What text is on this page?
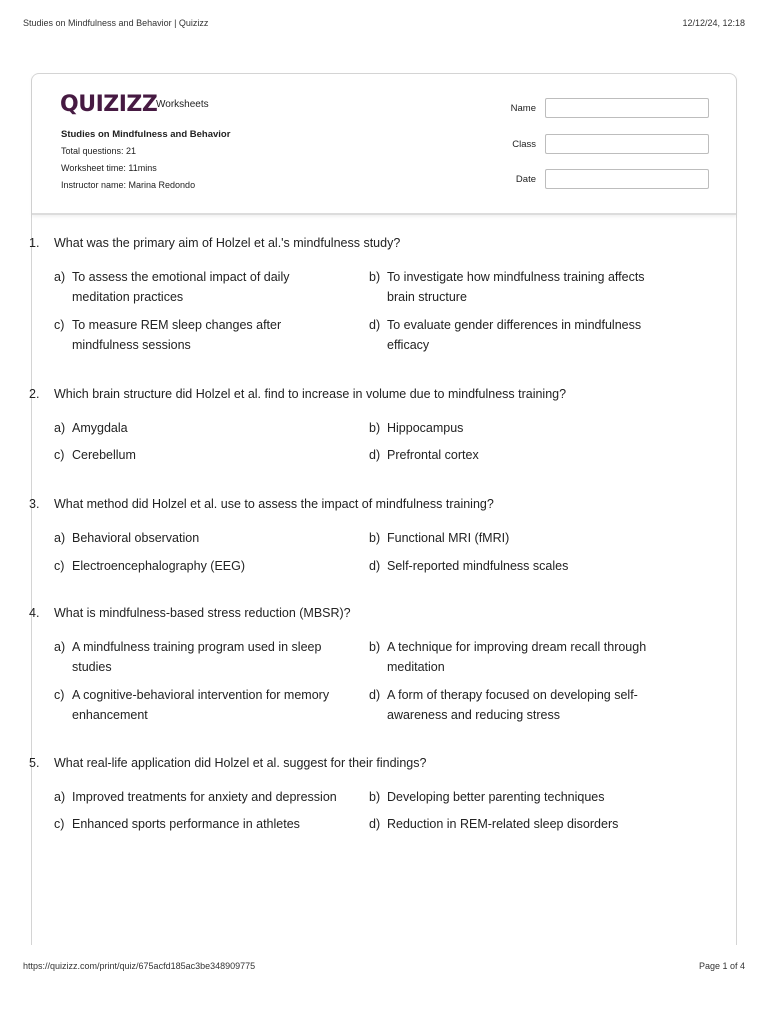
Studies on Mindfulness and Behavior | Quizizz	12/12/24, 12:18
QUIZIZZ
Worksheets
Studies on Mindfulness and Behavior
Total questions: 21
Worksheet time: 11mins
Instructor name: Marina Redondo
Name
Class
Date
1.	What was the primary aim of Holzel et al.'s mindfulness study?
a) To assess the emotional impact of daily meditation practices
b) To investigate how mindfulness training affects brain structure
c) To measure REM sleep changes after mindfulness sessions
d) To evaluate gender differences in mindfulness efficacy
2.	Which brain structure did Holzel et al. find to increase in volume due to mindfulness training?
a) Amygdala	b) Hippocampus
c) Cerebellum	d) Prefrontal cortex
3.	What method did Holzel et al. use to assess the impact of mindfulness training?
a) Behavioral observation	b) Functional MRI (fMRI)
c) Electroencephalography (EEG)	d) Self-reported mindfulness scales
4.	What is mindfulness-based stress reduction (MBSR)?
a) A mindfulness training program used in sleep studies
b) A technique for improving dream recall through meditation
c) A cognitive-behavioral intervention for memory enhancement
d) A form of therapy focused on developing self-awareness and reducing stress
5.	What real-life application did Holzel et al. suggest for their findings?
a) Improved treatments for anxiety and depression	b) Developing better parenting techniques
c) Enhanced sports performance in athletes	d) Reduction in REM-related sleep disorders
https://quizizz.com/print/quiz/675acfd185ac3be348909775	Page 1 of 4
